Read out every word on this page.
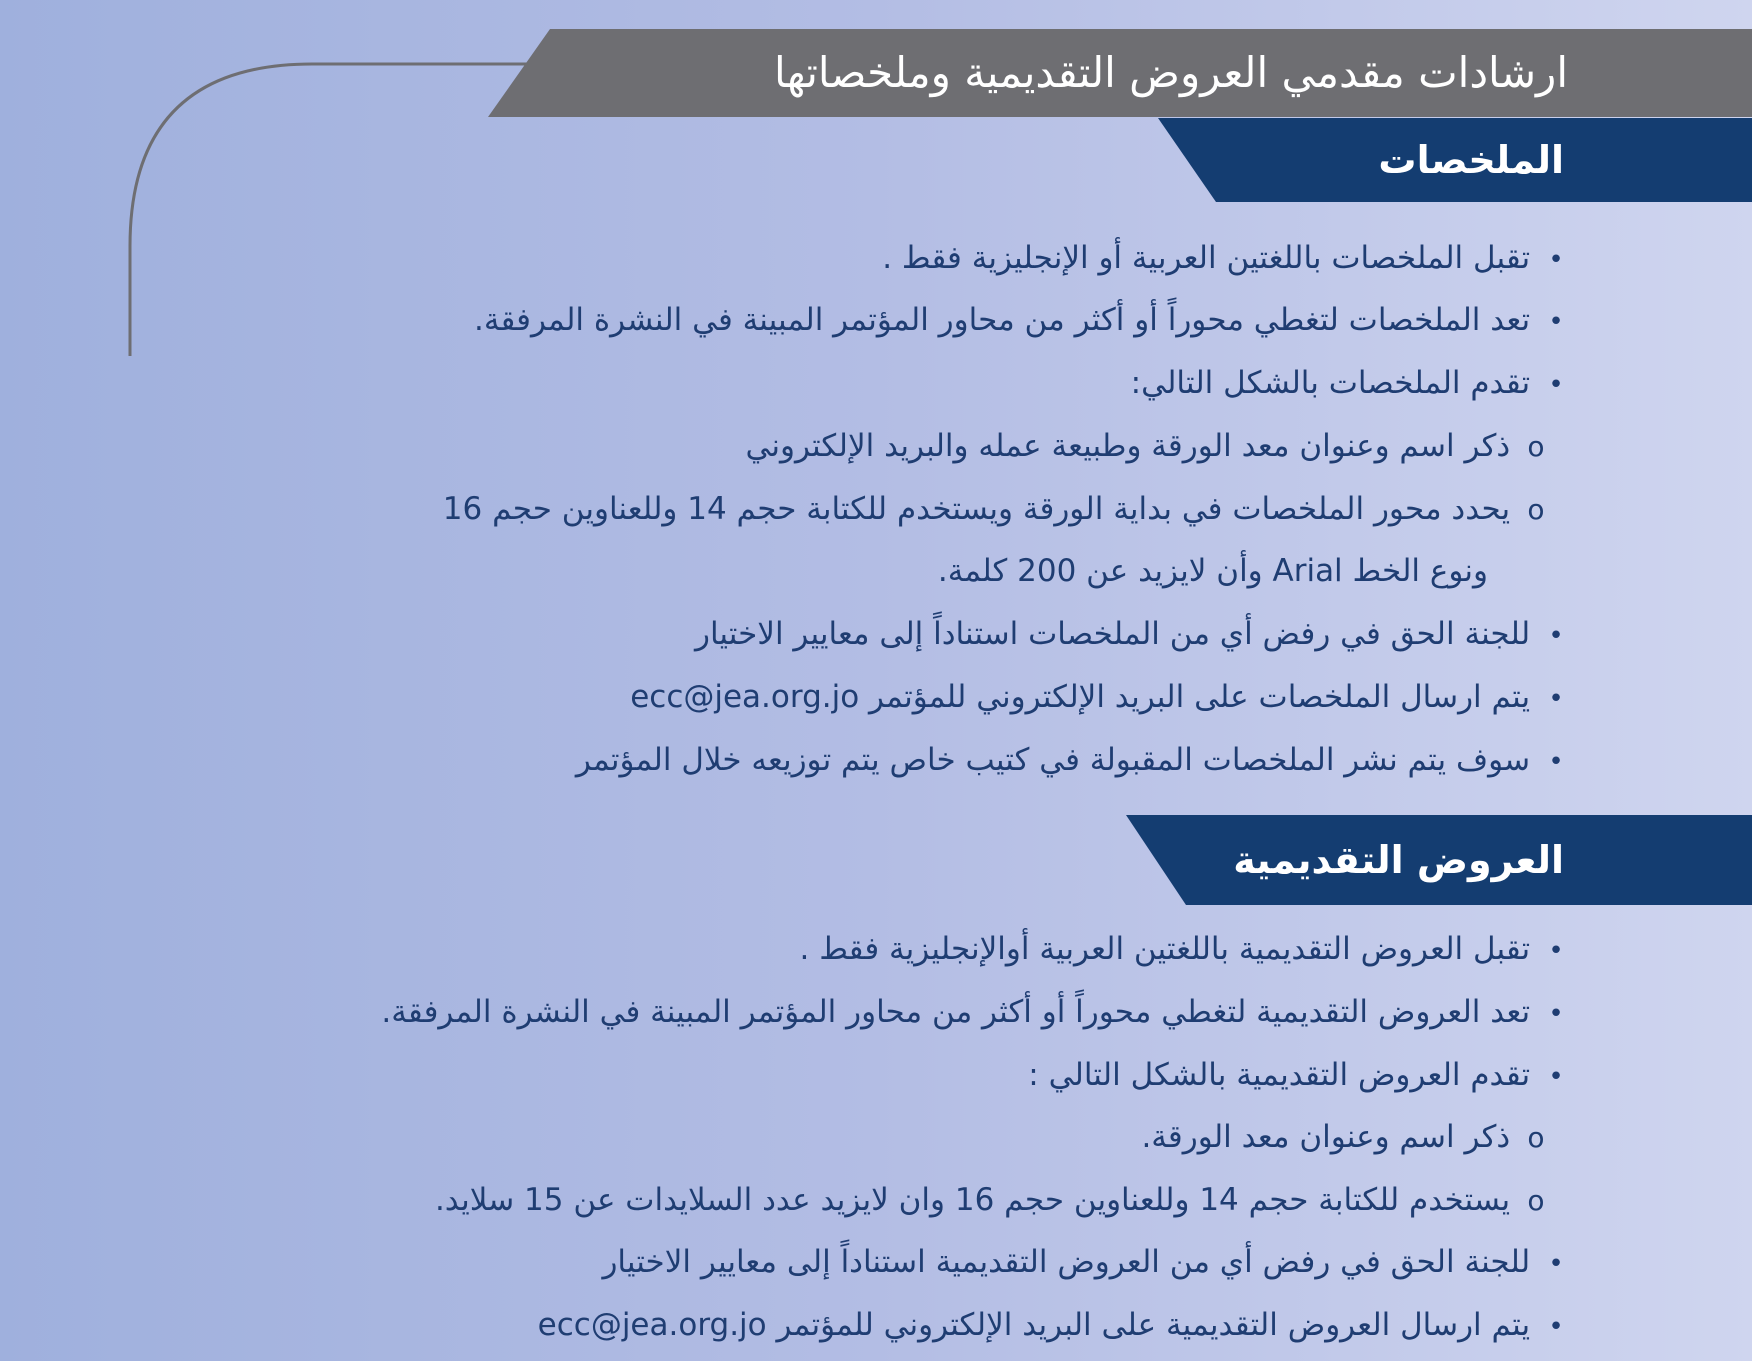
ارشادات مقدمي العروض التقديمية وملخصاتها
الملخصات
• تقبل الملخصات باللغتين العربية أو الإنجليزية فقط .
• تعد الملخصات لتغطي محوراً أو أكثر من محاور المؤتمر المبينة في النشرة المرفقة.
• تقدم الملخصات بالشكل التالي:
o ذكر اسم وعنوان معد الورقة وطبيعة عمله والبريد الإلكتروني
o يحدد محور الملخصات في بداية الورقة ويستخدم للكتابة حجم 14 وللعناوين حجم 16
ونوع الخط Arial وأن لايزيد عن 200 كلمة.
• للجنة الحق في رفض أي من الملخصات استناداً إلى معايير الاختيار
• يتم ارسال الملخصات على البريد الإلكتروني للمؤتمر ecc@jea.org.jo
• سوف يتم نشر الملخصات المقبولة في كتيب خاص يتم توزيعه خلال المؤتمر
العروض التقديمية
• تقبل العروض التقديمية باللغتين العربية أوالإنجليزية فقط .
• تعد العروض التقديمية لتغطي محوراً أو أكثر من محاور المؤتمر المبينة في النشرة المرفقة.
• تقدم العروض التقديمية بالشكل التالي :
o ذكر اسم وعنوان معد الورقة.
o يستخدم للكتابة حجم 14 وللعناوين حجم 16 وان لايزيد عدد السلايدات عن 15 سلايد.
• للجنة الحق في رفض أي من العروض التقديمية استناداً إلى معايير الاختيار
• يتم ارسال العروض التقديمية على البريد الإلكتروني للمؤتمر ecc@jea.org.jo
